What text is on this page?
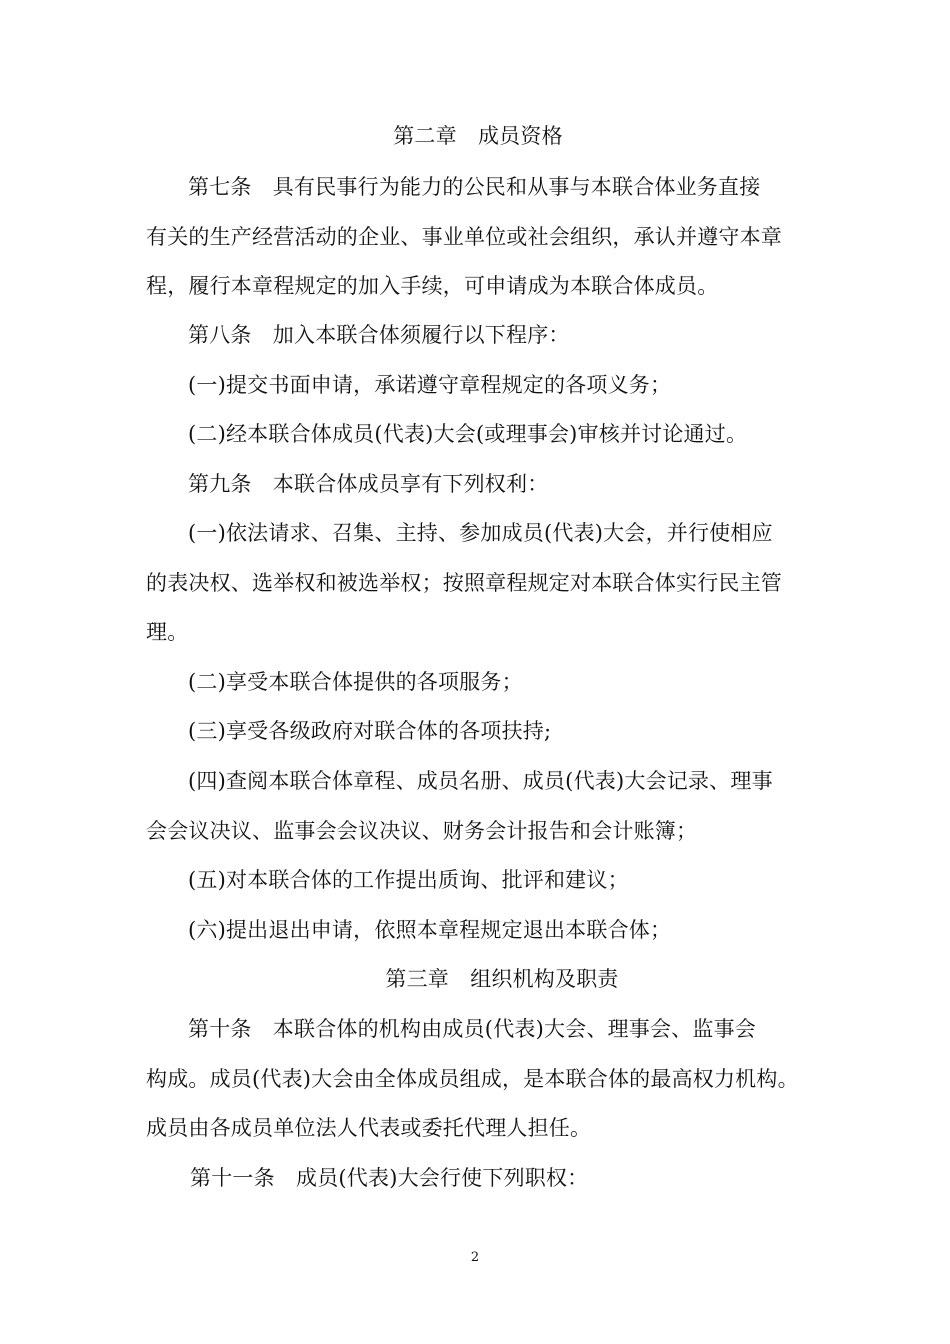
第二章　成员资格
第七条　具有民事行为能力的公民和从事与本联合体业务直接
有关的生产经营活动的企业、事业单位或社会组织，承认并遵守本章
程，履行本章程规定的加入手续，可申请成为本联合体成员。
第八条　加入本联合体须履行以下程序：
(一)提交书面申请，承诺遵守章程规定的各项义务；
(二)经本联合体成员(代表)大会(或理事会)审核并讨论通过。
第九条　本联合体成员享有下列权利：
(一)依法请求、召集、主持、参加成员(代表)大会，并行使相应
的表决权、选举权和被选举权；按照章程规定对本联合体实行民主管
理。
(二)享受本联合体提供的各项服务；
(三)享受各级政府对联合体的各项扶持;
(四)查阅本联合体章程、成员名册、成员(代表)大会记录、理事
会会议决议、监事会会议决议、财务会计报告和会计账簿；
(五)对本联合体的工作提出质询、批评和建议；
(六)提出退出申请，依照本章程规定退出本联合体；
第三章　组织机构及职责
第十条　本联合体的机构由成员(代表)大会、理事会、监事会
构成。成员(代表)大会由全体成员组成，是本联合体的最高权力机构。
成员由各成员单位法人代表或委托代理人担任。
第十一条　成员(代表)大会行使下列职权：
2
